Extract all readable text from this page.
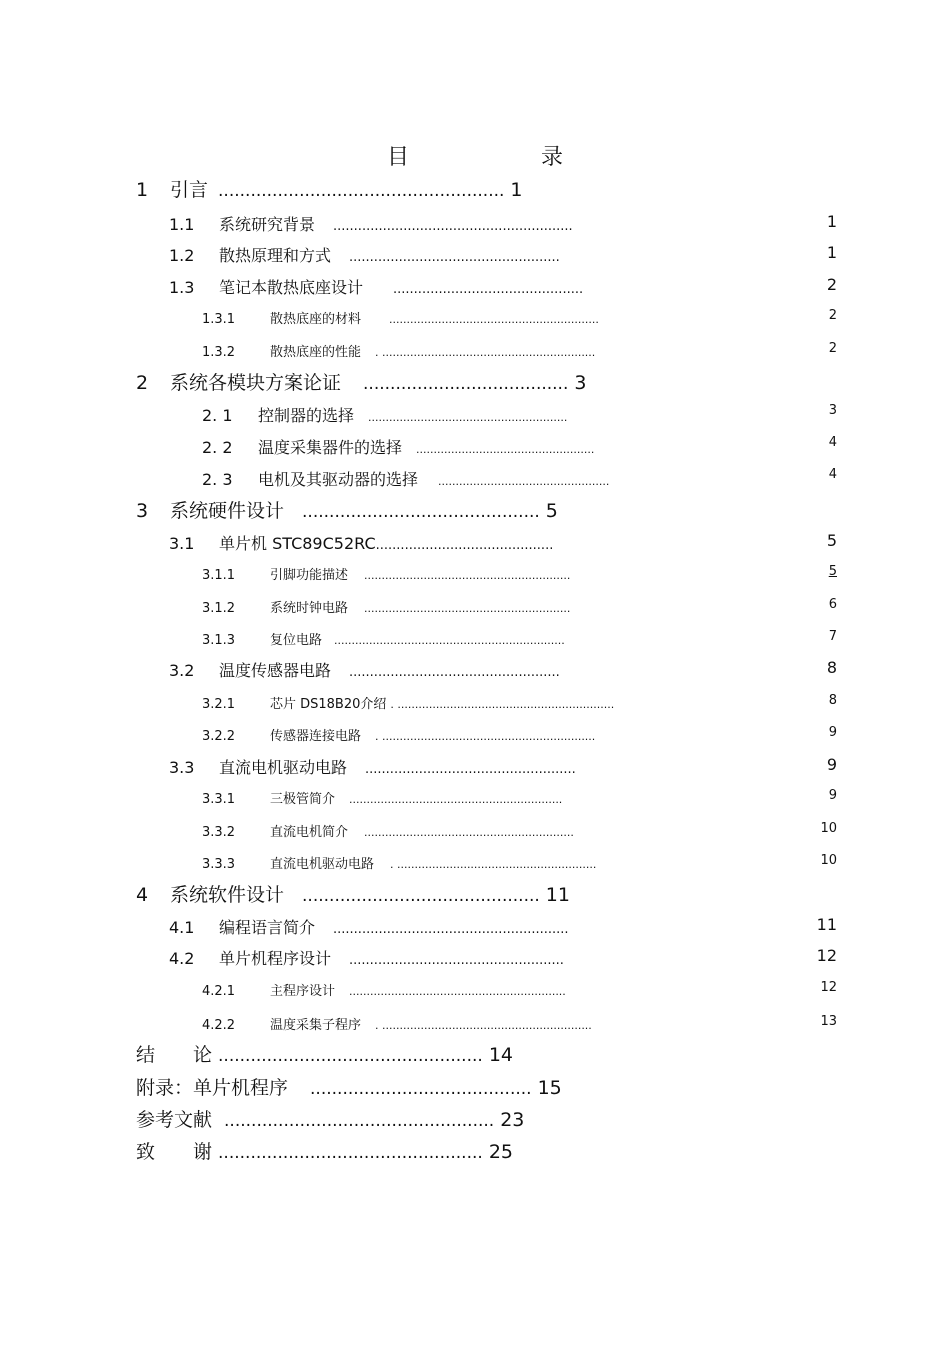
目　录
1	引言 ..................................................... 1
1.1	系统研究背景 ..........................................................	1
1.2	散热原理和方式 ...................................................	1
1.3	笔记本散热底座设计 ..............................................	2
1.3.1	散热底座的材料	............................................................	2
1.3.2	散热底座的性能 . .............................................................	2
2	系统各模块方案论证 ...................................... 3
2. 1	控制器的选择 .........................................................	3
2. 2	温度采集器件的选择 ...................................................	4
2. 3	电机及其驱动器的选择 .................................................	4
3	系统硬件设计 ............................................ 5
3.1	单片机 STC89C52RC ...........................................	5
3.1.1	引脚功能描述 ...........................................................	5
3.1.2	系统时钟电路 ...........................................................	6
3.1.3	复位电路 ..................................................................	7
3.2	温度传感器电路 ...................................................	8
3.2.1	芯片 DS18B20介绍 . ..............................................................	8
3.2.2	传感器连接电路 . .............................................................	9
3.3	直流电机驱动电路 ...................................................	9
3.3.1	三极管简介 .............................................................	9
3.3.2	直流电机简介 ............................................................	10
3.3.3	直流电机驱动电路 . .........................................................	10
4	系统软件设计 ............................................ 11
4.1	编程语言简介 .........................................................	11
4.2	单片机程序设计 ....................................................	12
4.2.1	主程序设计 ..............................................................	12
4.2.2	温度采集子程序 . ............................................................	13
结　　论 ................................................. 14
附录：单片机程序 ......................................... 15
参考文献 .................................................. 23
致　　谢 ................................................. 25
